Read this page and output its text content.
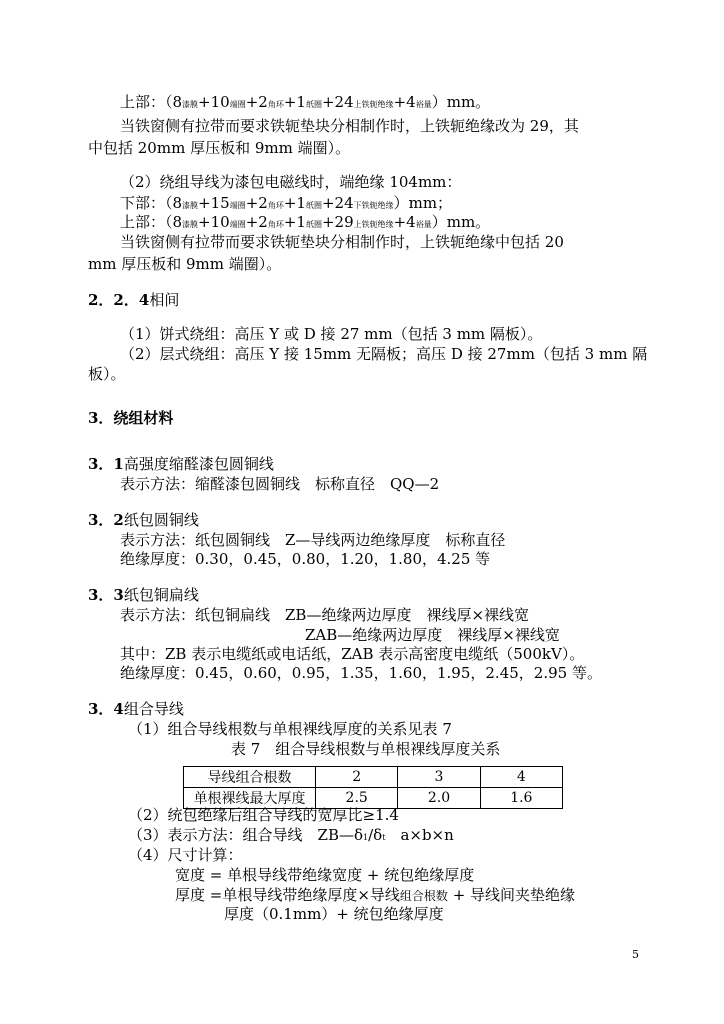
上部：（8漆膜+10端圈+2角环+1纸圈+24上铁轭绝缘+4裕量）mm。
当铁窗侧有拉带而要求铁轭垫块分相制作时，上铁轭绝缘改为 29，其
中包括 20mm 厚压板和 9mm 端圈）。
（2）绕组导线为漆包电磁线时，端绝缘 104mm：
下部：（8漆膜+15端圈+2角环+1纸圈+24下铁轭绝缘）mm；
上部：（8漆膜+10端圈+2角环+1纸圈+29上铁轭绝缘+4裕量）mm。
当铁窗侧有拉带而要求铁轭垫块分相制作时，上铁轭绝缘中包括 20
mm 厚压板和 9mm 端圈）。
2．2．4相间
（1）饼式绕组：高压 Y 或 D 接 27 mm（包括 3 mm 隔板）。
（2）层式绕组：高压 Y 接 15mm 无隔板；高压 D 接 27mm（包括 3 mm 隔
板）。
3．绕组材料
3．1高强度缩醛漆包圆铜线
表示方法：缩醛漆包圆铜线　标称直径　QQ—2
3．2纸包圆铜线
表示方法：纸包圆铜线　Z—导线两边绝缘厚度　标称直径
绝缘厚度：0.30，0.45，0.80，1.20，1.80，4.25 等
3．3纸包铜扁线
表示方法：纸包铜扁线　ZB—绝缘两边厚度　裸线厚×裸线宽
ZAB—绝缘两边厚度　裸线厚×裸线宽
其中：ZB 表示电缆纸或电话纸，ZAB 表示高密度电缆纸（500kV）。
绝缘厚度：0.45，0.60，0.95，1.35，1.60，1.95，2.45，2.95 等。
3．4组合导线
（1）组合导线根数与单根裸线厚度的关系见表 7
表 7　组合导线根数与单根裸线厚度关系
导线组合根数	2	3	4
单根裸线最大厚度	2.5	2.0	1.6
（2）统包绝缘后组合导线的宽厚比≥1.4
（3）表示方法：组合导线　ZB—δ1/δt　a×b×n
（4）尺寸计算：
宽度 = 单根导线带绝缘宽度 + 统包绝缘厚度
厚度 =单根导线带绝缘厚度×导线组合根数 + 导线间夹垫绝缘
厚度（0.1mm）+ 统包绝缘厚度
5
